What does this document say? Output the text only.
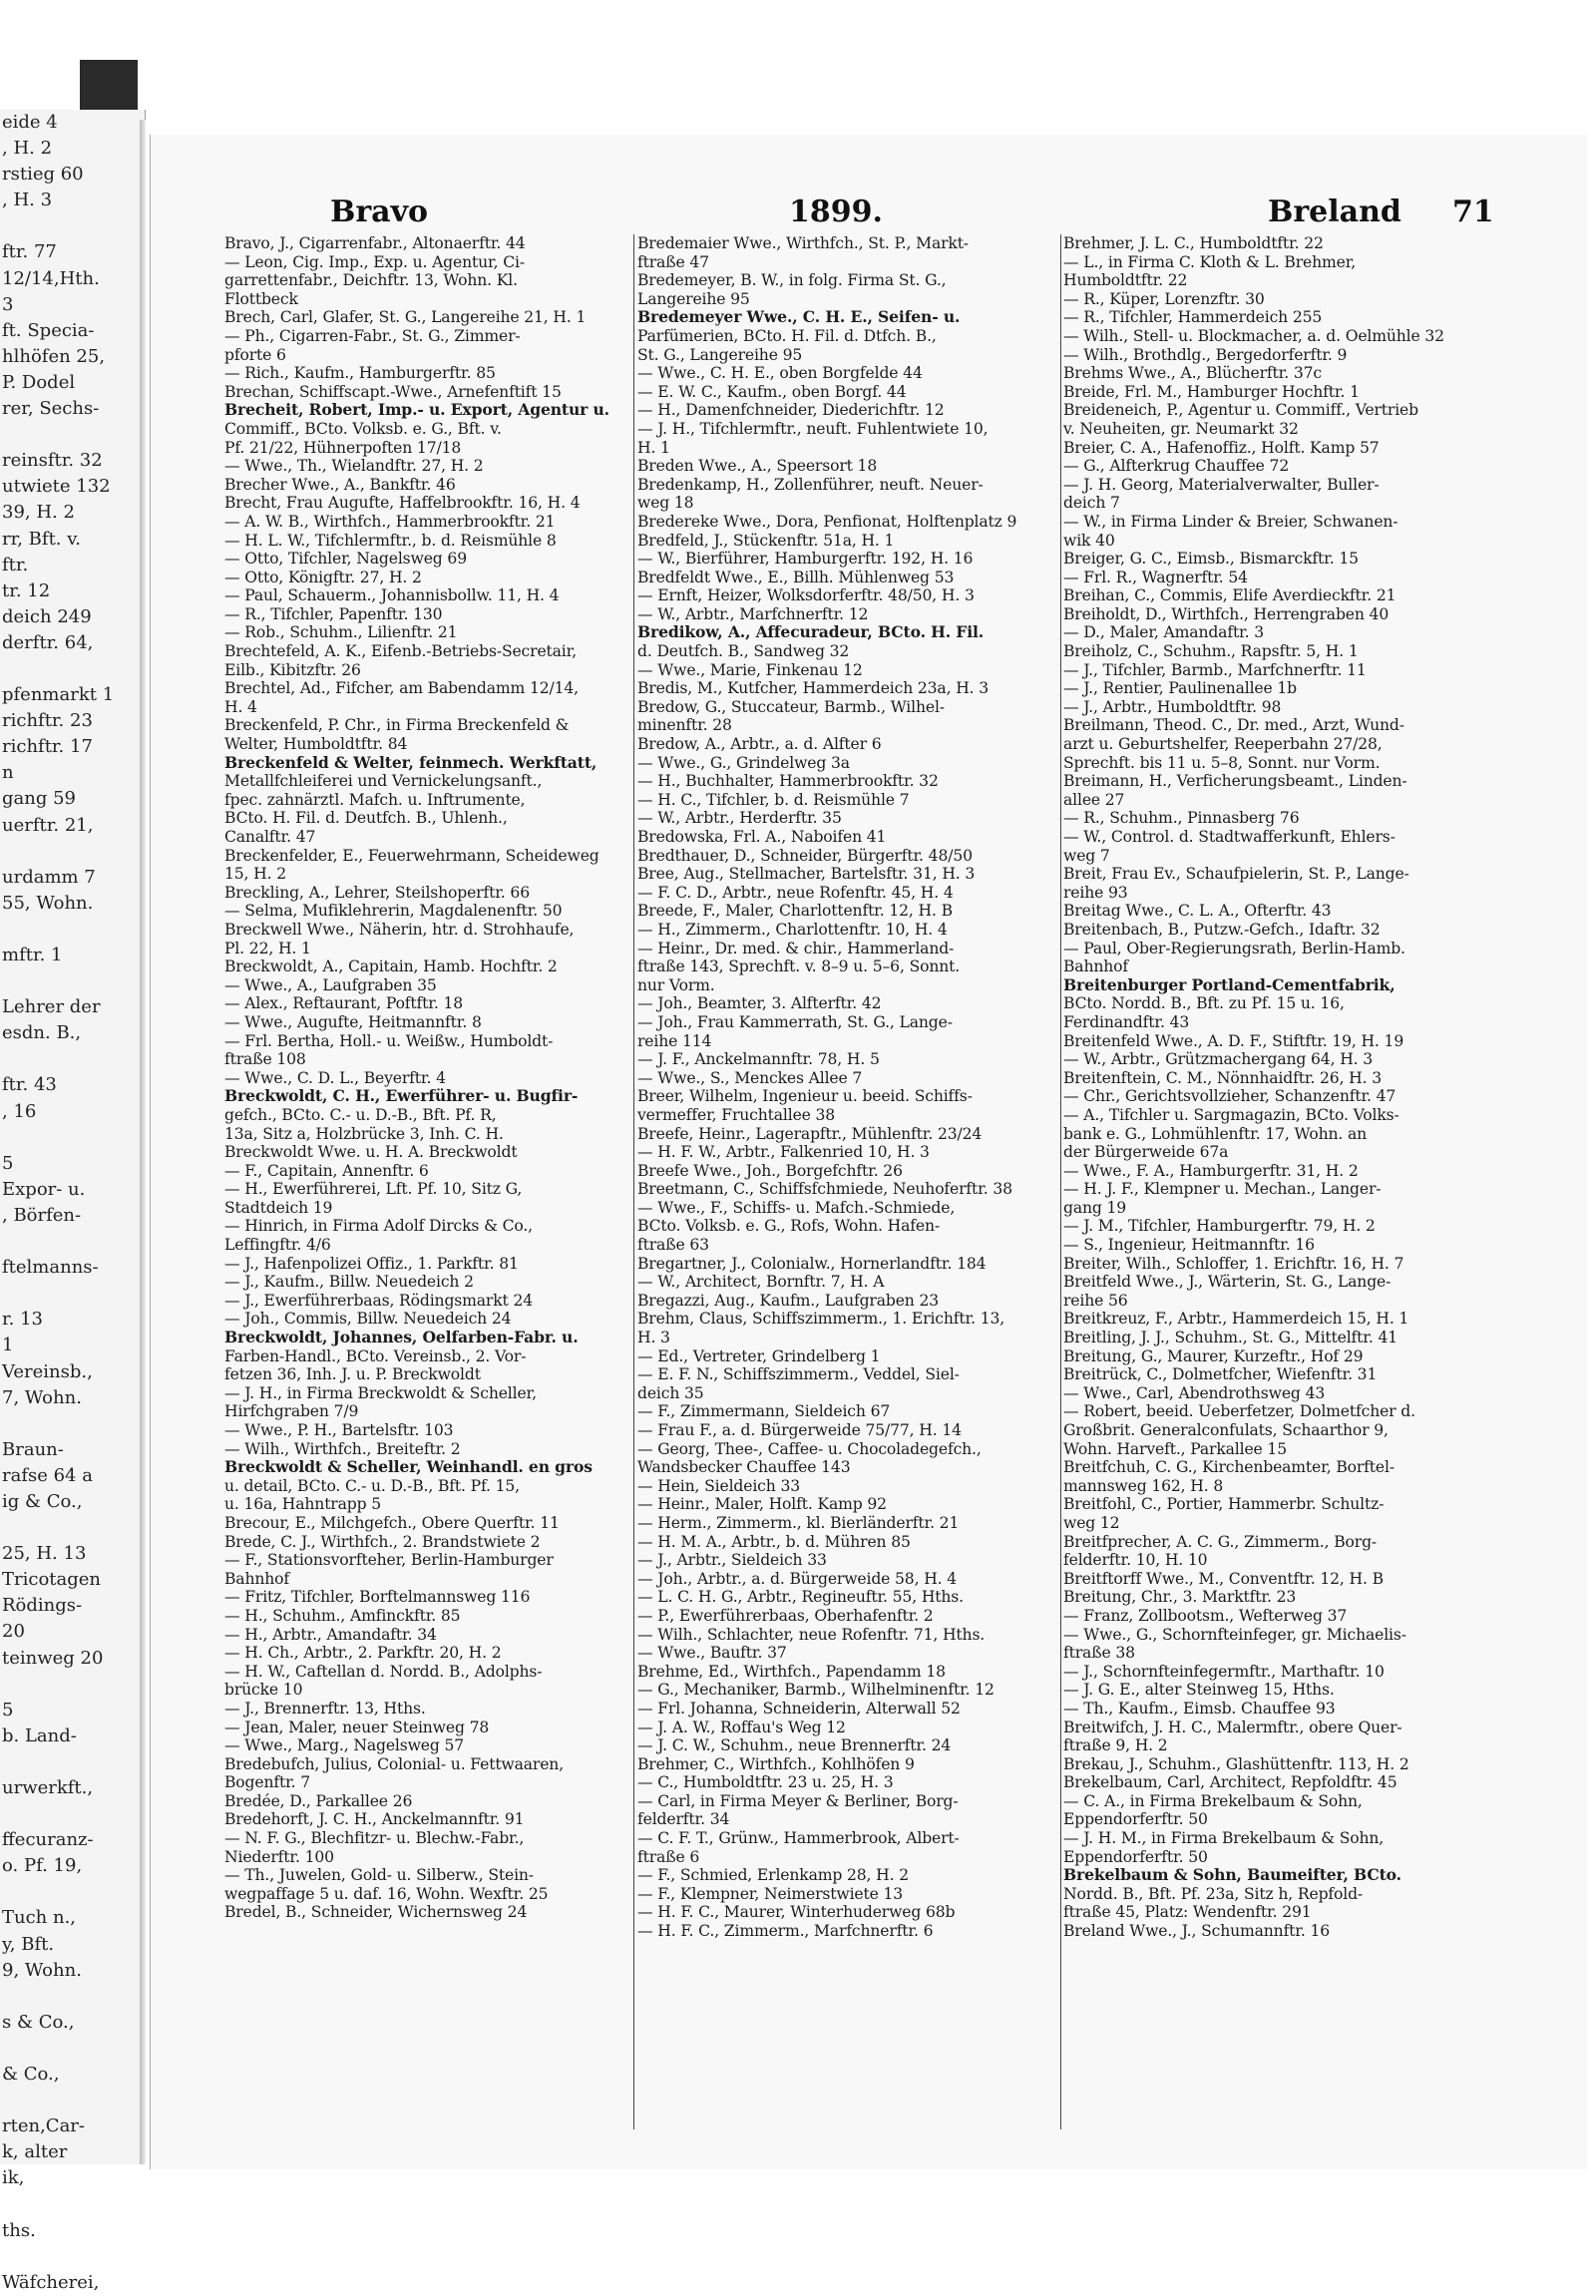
eide 4
, H. 2
rstieg 60
, H. 3

ftr. 77
12/14,Hth.
3
ft. Specia-
hlhöfen 25,
P. Dodel
rer, Sechs-

reinsftr. 32
utwiete 132
39, H. 2
rr, Bft. v.
ftr.
tr. 12
deich 249
derftr. 64,

pfenmarkt 1
richftr. 23
richftr. 17
n
gang 59
uerftr. 21,

urdamm 7
55, Wohn.

mftr. 1

Lehrer der
esdn. B.,

ftr. 43
, 16

5
Expor- u.
, Börfen-

ftelmanns-

r. 13
1
Vereinsb.,
7, Wohn.

Braun-
rafse 64 a
ig & Co.,

25, H. 13
Tricotagen
Rödings-
20
teinweg 20

5
b. Land-

urwerkft.,

ffecuranz-
o. Pf. 19,

Tuch n.,
y, Bft.
9, Wohn.

s & Co.,

& Co.,

rten,Car-
k, alter
ik,

ths.

Wäfcherei,
Bravo	1899.	Breland 71
Bravo, J., Cigarrenfabr., Altonaerftr. 44
— Leon, Cig. Imp., Exp. u. Agentur, Ci-
garrettenfabr., Deichftr. 13, Wohn. Kl.
Flottbeck
Brech, Carl, Glafer, St. G., Langereihe 21, H. 1
— Ph., Cigarren-Fabr., St. G., Zimmer-
pforte 6
— Rich., Kaufm., Hamburgerftr. 85
Brechan, Schiffscapt.-Wwe., Arnefenftift 15
Brecheit, Robert, Imp.- u. Export, Agentur u.
Commiff., BCto. Volksb. e. G., Bft. v.
Pf. 21/22, Hühnerpoften 17/18
— Wwe., Th., Wielandftr. 27, H. 2
Brecher Wwe., A., Bankftr. 46
Brecht, Frau Augufte, Haffelbrookftr. 16, H. 4
— A. W. B., Wirthfch., Hammerbrookftr. 21
— H. L. W., Tifchlermftr., b. d. Reismühle 8
— Otto, Tifchler, Nagelsweg 69
— Otto, Königftr. 27, H. 2
— Paul, Schauerm., Johannisbollw. 11, H. 4
— R., Tifchler, Papenftr. 130
— Rob., Schuhm., Lilienftr. 21
Brechtefeld, A. K., Eifenb.-Betriebs-Secretair,
Eilb., Kibitzftr. 26
Brechtel, Ad., Fifcher, am Babendamm 12/14,
H. 4
Breckenfeld, P. Chr., in Firma Breckenfeld &
Welter, Humboldtftr. 84
Breckenfeld & Welter, feinmech. Werkftatt,
Metallfchleiferei und Vernickelungsanft.,
fpec. zahnärztl. Mafch. u. Inftrumente,
BCto. H. Fil. d. Deutfch. B., Uhlenh.,
Canalftr. 47
Breckenfelder, E., Feuerwehrmann, Scheideweg
15, H. 2
Breckling, A., Lehrer, Steilshoperftr. 66
— Selma, Mufiklehrerin, Magdalenenftr. 50
Breckwell Wwe., Näherin, htr. d. Strohhaufe,
Pl. 22, H. 1
Breckwoldt, A., Capitain, Hamb. Hochftr. 2
— Wwe., A., Laufgraben 35
— Alex., Reftaurant, Poftftr. 18
— Wwe., Augufte, Heitmannftr. 8
— Frl. Bertha, Holl.- u. Weißw., Humboldt-
ftraße 108
— Wwe., C. D. L., Beyerftr. 4
Breckwoldt, C. H., Ewerführer- u. Bugfir-
gefch., BCto. C.- u. D.-B., Bft. Pf. R,
13a, Sitz a, Holzbrücke 3, Inh. C. H.
Breckwoldt Wwe. u. H. A. Breckwoldt
— F., Capitain, Annenftr. 6
— H., Ewerführerei, Lft. Pf. 10, Sitz G,
Stadtdeich 19
— Hinrich, in Firma Adolf Dircks & Co.,
Leffingftr. 4/6
— J., Hafenpolizei Offiz., 1. Parkftr. 81
— J., Kaufm., Billw. Neuedeich 2
— J., Ewerführerbaas, Rödingsmarkt 24
— Joh., Commis, Billw. Neuedeich 24
Breckwoldt, Johannes, Oelfarben-Fabr. u.
Farben-Handl., BCto. Vereinsb., 2. Vor-
fetzen 36, Inh. J. u. P. Breckwoldt
— J. H., in Firma Breckwoldt & Scheller,
Hirfchgraben 7/9
— Wwe., P. H., Bartelsftr. 103
— Wilh., Wirthfch., Breiteftr. 2
Breckwoldt & Scheller, Weinhandl. en gros
u. detail, BCto. C.- u. D.-B., Bft. Pf. 15,
u. 16a, Hahntrapp 5
Brecour, E., Milchgefch., Obere Querftr. 11
Brede, C. J., Wirthfch., 2. Brandstwiete 2
— F., Stationsvorfteher, Berlin-Hamburger
Bahnhof
— Fritz, Tifchler, Borftelmannsweg 116
— H., Schuhm., Amfinckftr. 85
— H., Arbtr., Amandaftr. 34
— H. Ch., Arbtr., 2. Parkftr. 20, H. 2
— H. W., Caftellan d. Nordd. B., Adolphs-
brücke 10
— J., Brennerftr. 13, Hths.
— Jean, Maler, neuer Steinweg 78
— Wwe., Marg., Nagelsweg 57
Bredebufch, Julius, Colonial- u. Fettwaaren,
Bogenftr. 7
Bredée, D., Parkallee 26
Bredehorft, J. C. H., Anckelmannftr. 91
— N. F. G., Blechfitzr- u. Blechw.-Fabr.,
Niederftr. 100
— Th., Juwelen, Gold- u. Silberw., Stein-
wegpaffage 5 u. daf. 16, Wohn. Wexftr. 25
Bredel, B., Schneider, Wichernsweg 24
Bredemaier Wwe., Wirthfch., St. P., Markt-
ftraße 47
Bredemeyer, B. W., in folg. Firma St. G.,
Langereihe 95
Bredemeyer Wwe., C. H. E., Seifen- u.
Parfümerien, BCto. H. Fil. d. Dtfch. B.,
St. G., Langereihe 95
— Wwe., C. H. E., oben Borgfelde 44
— E. W. C., Kaufm., oben Borgf. 44
— H., Damenfchneider, Diederichftr. 12
— J. H., Tifchlermftr., neuft. Fuhlentwiete 10,
H. 1
Breden Wwe., A., Speersort 18
Bredenkamp, H., Zollenführer, neuft. Neuer-
weg 18
Bredereke Wwe., Dora, Penfionat, Holftenplatz 9
Bredfeld, J., Stückenftr. 51a, H. 1
— W., Bierführer, Hamburgerftr. 192, H. 16
Bredfeldt Wwe., E., Billh. Mühlenweg 53
— Ernft, Heizer, Wolksdorferftr. 48/50, H. 3
— W., Arbtr., Marfchnerftr. 12
Bredikow, A., Affecuradeur, BCto. H. Fil.
d. Deutfch. B., Sandweg 32
— Wwe., Marie, Finkenau 12
Bredis, M., Kutfcher, Hammerdeich 23a, H. 3
Bredow, G., Stuccateur, Barmb., Wilhel-
minenftr. 28
Bredow, A., Arbtr., a. d. Alfter 6
— Wwe., G., Grindelweg 3a
— H., Buchhalter, Hammerbrookftr. 32
— H. C., Tifchler, b. d. Reismühle 7
— W., Arbtr., Herderftr. 35
Bredowska, Frl. A., Naboifen 41
Bredthauer, D., Schneider, Bürgerftr. 48/50
Bree, Aug., Stellmacher, Bartelsftr. 31, H. 3
— F. C. D., Arbtr., neue Rofenftr. 45, H. 4
Breede, F., Maler, Charlottenftr. 12, H. B
— H., Zimmerm., Charlottenftr. 10, H. 4
— Heinr., Dr. med. & chir., Hammerland-
ftraße 143, Sprechft. v. 8–9 u. 5–6, Sonnt.
nur Vorm.
— Joh., Beamter, 3. Alfterftr. 42
— Joh., Frau Kammerrath, St. G., Lange-
reihe 114
— J. F., Anckelmannftr. 78, H. 5
— Wwe., S., Menckes Allee 7
Breer, Wilhelm, Ingenieur u. beeid. Schiffs-
vermeffer, Fruchtallee 38
Breefe, Heinr., Lagerapftr., Mühlenftr. 23/24
— H. F. W., Arbtr., Falkenried 10, H. 3
Breefe Wwe., Joh., Borgefchftr. 26
Breetmann, C., Schiffsfchmiede, Neuhoferftr. 38
— Wwe., F., Schiffs- u. Mafch.-Schmiede,
BCto. Volksb. e. G., Rofs, Wohn. Hafen-
ftraße 63
Bregartner, J., Colonialw., Hornerlandftr. 184
— W., Architect, Bornftr. 7, H. A
Bregazzi, Aug., Kaufm., Laufgraben 23
Brehm, Claus, Schiffszimmerm., 1. Erichftr. 13,
H. 3
— Ed., Vertreter, Grindelberg 1
— E. F. N., Schiffszimmerm., Veddel, Siel-
deich 35
— F., Zimmermann, Sieldeich 67
— Frau F., a. d. Bürgerweide 75/77, H. 14
— Georg, Thee-, Caffee- u. Chocoladegefch.,
Wandsbecker Chauffee 143
— Hein, Sieldeich 33
— Heinr., Maler, Holft. Kamp 92
— Herm., Zimmerm., kl. Bierländerftr. 21
— H. M. A., Arbtr., b. d. Mühren 85
— J., Arbtr., Sieldeich 33
— Joh., Arbtr., a. d. Bürgerweide 58, H. 4
— L. C. H. G., Arbtr., Regineuftr. 55, Hths.
— P., Ewerführerbaas, Oberhafenftr. 2
— Wilh., Schlachter, neue Rofenftr. 71, Hths.
— Wwe., Bauftr. 37
Brehme, Ed., Wirthfch., Papendamm 18
— G., Mechaniker, Barmb., Wilhelminenftr. 12
— Frl. Johanna, Schneiderin, Alterwall 52
— J. A. W., Roffau's Weg 12
— J. C. W., Schuhm., neue Brennerftr. 24
Brehmer, C., Wirthfch., Kohlhöfen 9
— C., Humboldtftr. 23 u. 25, H. 3
— Carl, in Firma Meyer & Berliner, Borg-
felderftr. 34
— C. F. T., Grünw., Hammerbrook, Albert-
ftraße 6
— F., Schmied, Erlenkamp 28, H. 2
— F., Klempner, Neimerstwiete 13
— H. F. C., Maurer, Winterhuderweg 68b
— H. F. C., Zimmerm., Marfchnerftr. 6
Brehmer, J. L. C., Humboldtftr. 22
— L., in Firma C. Kloth & L. Brehmer,
Humboldtftr. 22
— R., Küper, Lorenzftr. 30
— R., Tifchler, Hammerdeich 255
— Wilh., Stell- u. Blockmacher, a. d. Oelmühle 32
— Wilh., Brothdlg., Bergedorferftr. 9
Brehms Wwe., A., Blücherftr. 37c
Breide, Frl. M., Hamburger Hochftr. 1
Breideneich, P., Agentur u. Commiff., Vertrieb
v. Neuheiten, gr. Neumarkt 32
Breier, C. A., Hafenoffiz., Holft. Kamp 57
— G., Alfterkrug Chauffee 72
— J. H. Georg, Materialverwalter, Buller-
deich 7
— W., in Firma Linder & Breier, Schwanen-
wik 40
Breiger, G. C., Eimsb., Bismarckftr. 15
— Frl. R., Wagnerftr. 54
Breihan, C., Commis, Elife Averdieckftr. 21
Breiholdt, D., Wirthfch., Herrengraben 40
— D., Maler, Amandaftr. 3
Breiholz, C., Schuhm., Rapsftr. 5, H. 1
— J., Tifchler, Barmb., Marfchnerftr. 11
— J., Rentier, Paulinenallee 1b
— J., Arbtr., Humboldtftr. 98
Breilmann, Theod. C., Dr. med., Arzt, Wund-
arzt u. Geburtshelfer, Reeperbahn 27/28,
Sprechft. bis 11 u. 5–8, Sonnt. nur Vorm.
Breimann, H., Verficherungsbeamt., Linden-
allee 27
— R., Schuhm., Pinnasberg 76
— W., Control. d. Stadtwafferkunft, Ehlers-
weg 7
Breit, Frau Ev., Schaufpielerin, St. P., Lange-
reihe 93
Breitag Wwe., C. L. A., Ofterftr. 43
Breitenbach, B., Putzw.-Gefch., Idaftr. 32
— Paul, Ober-Regierungsrath, Berlin-Hamb.
Bahnhof
Breitenburger Portland-Cementfabrik,
BCto. Nordd. B., Bft. zu Pf. 15 u. 16,
Ferdinandftr. 43
Breitenfeld Wwe., A. D. F., Stiftftr. 19, H. 19
— W., Arbtr., Grützmachergang 64, H. 3
Breitenftein, C. M., Nönnhaidftr. 26, H. 3
— Chr., Gerichtsvollzieher, Schanzenftr. 47
— A., Tifchler u. Sargmagazin, BCto. Volks-
bank e. G., Lohmühlenftr. 17, Wohn. an
der Bürgerweide 67a
— Wwe., F. A., Hamburgerftr. 31, H. 2
— H. J. F., Klempner u. Mechan., Langer-
gang 19
— J. M., Tifchler, Hamburgerftr. 79, H. 2
— S., Ingenieur, Heitmannftr. 16
Breiter, Wilh., Schloffer, 1. Erichftr. 16, H. 7
Breitfeld Wwe., J., Wärterin, St. G., Lange-
reihe 56
Breitkreuz, F., Arbtr., Hammerdeich 15, H. 1
Breitling, J. J., Schuhm., St. G., Mittelftr. 41
Breitung, G., Maurer, Kurzeftr., Hof 29
Breitrück, C., Dolmetfcher, Wiefenftr. 31
— Wwe., Carl, Abendrothsweg 43
— Robert, beeid. Ueberfetzer, Dolmetfcher d.
Großbrit. Generalconfulats, Schaarthor 9,
Wohn. Harveft., Parkallee 15
Breitfchuh, C. G., Kirchenbeamter, Borftel-
mannsweg 162, H. 8
Breitfohl, C., Portier, Hammerbr. Schultz-
weg 12
Breitfprecher, A. C. G., Zimmerm., Borg-
felderftr. 10, H. 10
Breitftorff Wwe., M., Conventftr. 12, H. B
Breitung, Chr., 3. Marktftr. 23
— Franz, Zollbootsm., Wefterweg 37
— Wwe., G., Schornfteinfeger, gr. Michaelis-
ftraße 38
— J., Schornfteinfegermftr., Marthaftr. 10
— J. G. E., alter Steinweg 15, Hths.
— Th., Kaufm., Eimsb. Chauffee 93
Breitwifch, J. H. C., Malermftr., obere Quer-
ftraße 9, H. 2
Brekau, J., Schuhm., Glashüttenftr. 113, H. 2
Brekelbaum, Carl, Architect, Repfoldftr. 45
— C. A., in Firma Brekelbaum & Sohn,
Eppendorferftr. 50
— J. H. M., in Firma Brekelbaum & Sohn,
Eppendorferftr. 50
Brekelbaum & Sohn, Baumeifter, BCto.
Nordd. B., Bft. Pf. 23a, Sitz h, Repfold-
ftraße 45, Platz: Wendenftr. 291
Breland Wwe., J., Schumannftr. 16
